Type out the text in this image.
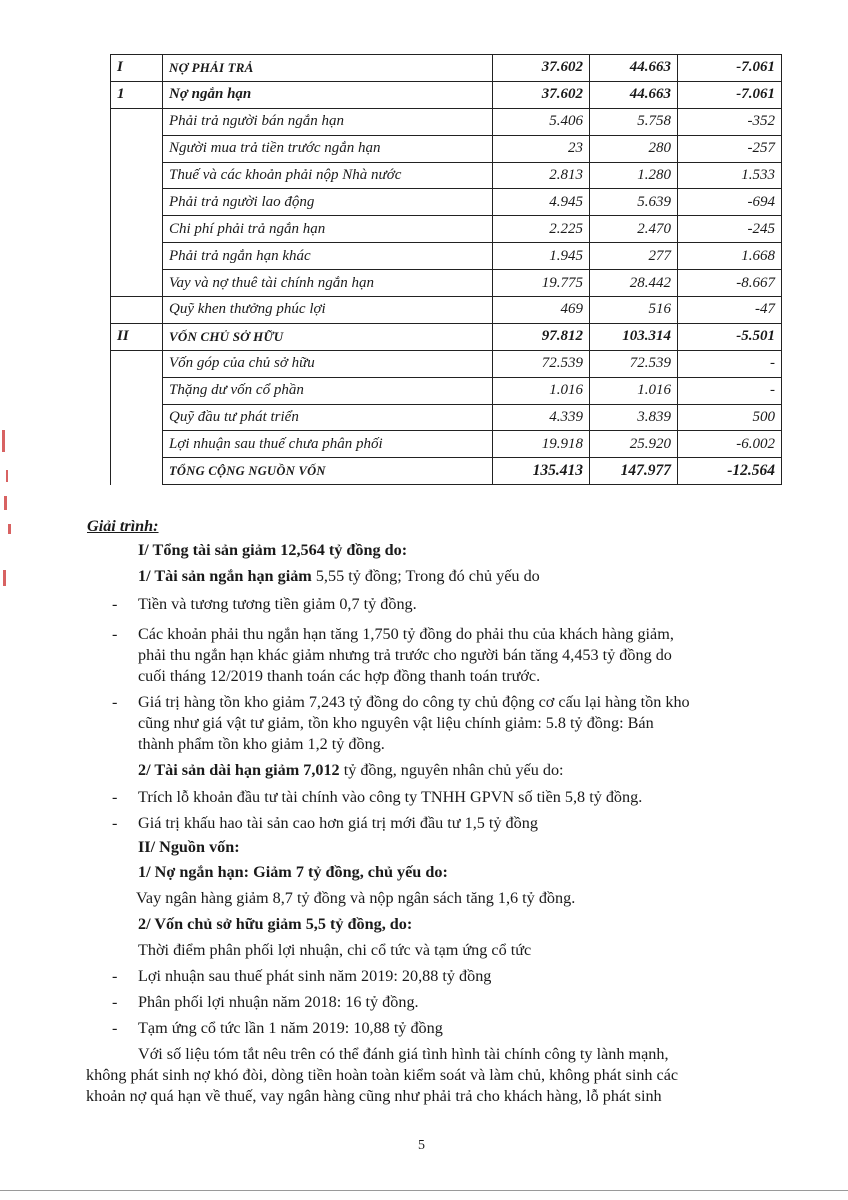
I	NỢ PHẢI TRẢ	37.602	44.663	-7.061
1	Nợ ngắn hạn	37.602	44.663	-7.061
	Phải trả người bán ngắn hạn	5.406	5.758	-352
	Người mua trả tiền trước ngắn hạn	23	280	-257
	Thuế và các khoản phải nộp Nhà nước	2.813	1.280	1.533
	Phải trả người lao động	4.945	5.639	-694
	Chi phí phải trả ngắn hạn	2.225	2.470	-245
	Phải trả ngắn hạn khác	1.945	277	1.668
	Vay và nợ thuê tài chính ngắn hạn	19.775	28.442	-8.667
	Quỹ khen thưởng phúc lợi	469	516	-47
II	VỐN CHỦ SỞ HỮU	97.812	103.314	-5.501
	Vốn góp của chủ sở hữu	72.539	72.539	-
	Thặng dư vốn cổ phần	1.016	1.016	-
	Quỹ đầu tư phát triển	4.339	3.839	500
	Lợi nhuận sau thuế chưa phân phối	19.918	25.920	-6.002
	TỔNG CỘNG NGUỒN VỐN	135.413	147.977	-12.564
Giải trình:
I/ Tổng tài sản giảm 12,564 tỷ đồng do:
1/ Tài sản ngắn hạn giảm 5,55 tỷ đồng; Trong đó chủ yếu do
- Tiền và tương tương tiền giảm 0,7 tỷ đồng.
- Các khoản phải thu ngắn hạn tăng 1,750 tỷ đồng do phải thu của khách hàng giảm,
phải thu ngắn hạn khác giảm nhưng trả trước cho người bán tăng 4,453 tỷ đồng do
cuối tháng 12/2019 thanh toán các hợp đồng thanh toán trước.
- Giá trị hàng tồn kho giảm 7,243 tỷ đồng do công ty chủ động cơ cấu lại hàng tồn kho
cũng như giá vật tư giảm, tồn kho nguyên vật liệu chính giảm: 5.8 tỷ đồng: Bán
thành phẩm tồn kho giảm 1,2 tỷ đồng.
2/ Tài sản dài hạn giảm 7,012 tỷ đồng, nguyên nhân chủ yếu do:
- Trích lỗ khoản đầu tư tài chính vào công ty TNHH GPVN số tiền 5,8 tỷ đồng.
- Giá trị khấu hao tài sản cao hơn giá trị mới đầu tư 1,5 tỷ đồng
II/ Nguồn vốn:
1/ Nợ ngắn hạn: Giảm 7 tỷ đồng, chủ yếu do:
Vay ngân hàng giảm 8,7 tỷ đồng và nộp ngân sách tăng 1,6 tỷ đồng.
2/ Vốn chủ sở hữu giảm 5,5 tỷ đồng, do:
Thời điểm phân phối lợi nhuận, chi cổ tức và tạm ứng cổ tức
- Lợi nhuận sau thuế phát sinh năm 2019: 20,88 tỷ đồng
- Phân phối lợi nhuận năm 2018: 16 tỷ đồng.
- Tạm ứng cổ tức lần 1 năm 2019: 10,88 tỷ đồng
Với số liệu tóm tắt nêu trên có thể đánh giá tình hình tài chính công ty lành mạnh,
không phát sinh nợ khó đòi, dòng tiền hoàn toàn kiểm soát và làm chủ, không phát sinh các
khoản nợ quá hạn về thuế, vay ngân hàng cũng như phải trả cho khách hàng, lỗ phát sinh
5
